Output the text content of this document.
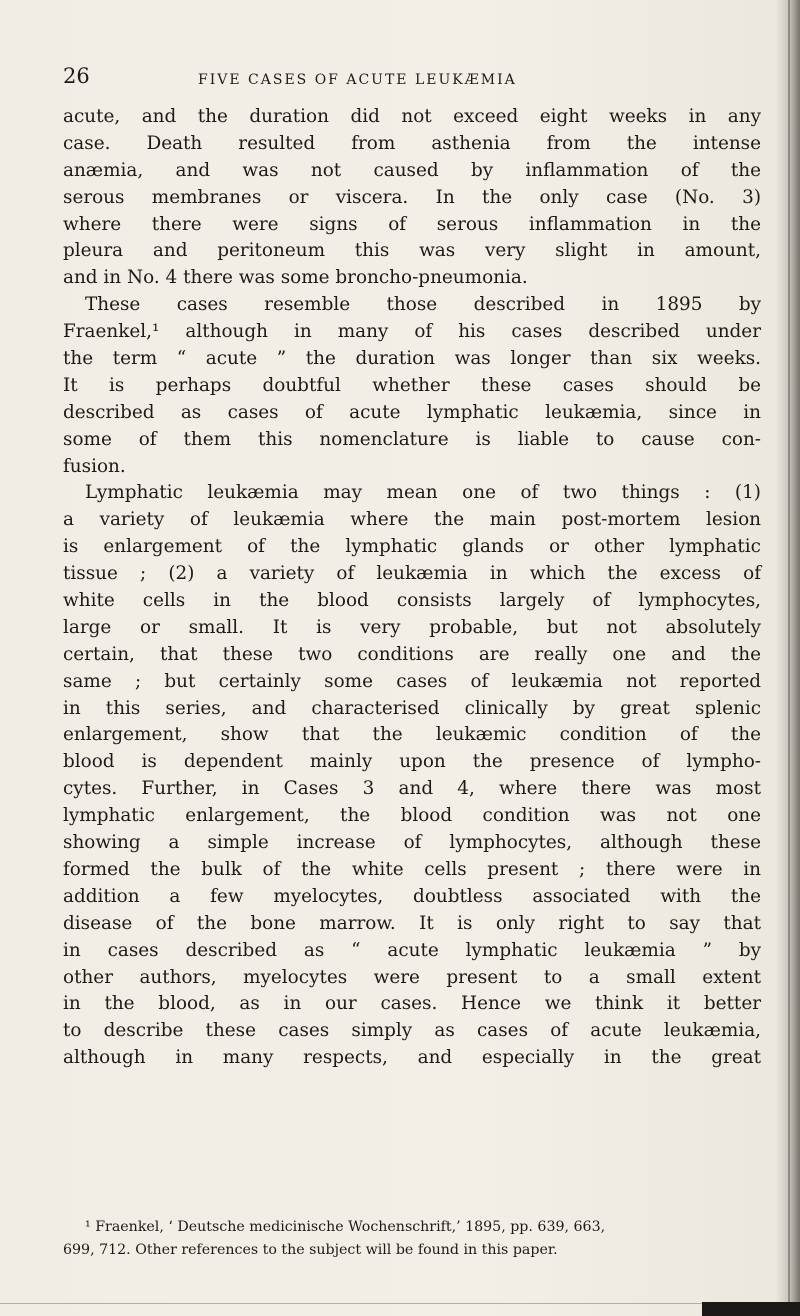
26	FIVE CASES OF ACUTE LEUKÆMIA
acute, and the duration did not exceed eight weeks in any
case. Death resulted from asthenia from the intense
anæmia, and was not caused by inflammation of the
serous membranes or viscera. In the only case (No. 3)
where there were signs of serous inflammation in the
pleura and peritoneum this was very slight in amount,
and in No. 4 there was some broncho-pneumonia.
These cases resemble those described in 1895 by
Fraenkel,¹ although in many of his cases described under
the term “ acute ” the duration was longer than six weeks.
It is perhaps doubtful whether these cases should be
described as cases of acute lymphatic leukæmia, since in
some of them this nomenclature is liable to cause con-
fusion.
Lymphatic leukæmia may mean one of two things : (1)
a variety of leukæmia where the main post-mortem lesion
is enlargement of the lymphatic glands or other lymphatic
tissue ; (2) a variety of leukæmia in which the excess of
white cells in the blood consists largely of lymphocytes,
large or small. It is very probable, but not absolutely
certain, that these two conditions are really one and the
same ; but certainly some cases of leukæmia not reported
in this series, and characterised clinically by great splenic
enlargement, show that the leukæmic condition of the
blood is dependent mainly upon the presence of lympho-
cytes. Further, in Cases 3 and 4, where there was most
lymphatic enlargement, the blood condition was not one
showing a simple increase of lymphocytes, although these
formed the bulk of the white cells present ; there were in
addition a few myelocytes, doubtless associated with the
disease of the bone marrow. It is only right to say that
in cases described as “ acute lymphatic leukæmia ” by
other authors, myelocytes were present to a small extent
in the blood, as in our cases. Hence we think it better
to describe these cases simply as cases of acute leukæmia,
although in many respects, and especially in the great
¹ Fraenkel, ‘ Deutsche medicinische Wochenschrift,’ 1895, pp. 639, 663,
699, 712. Other references to the subject will be found in this paper.
